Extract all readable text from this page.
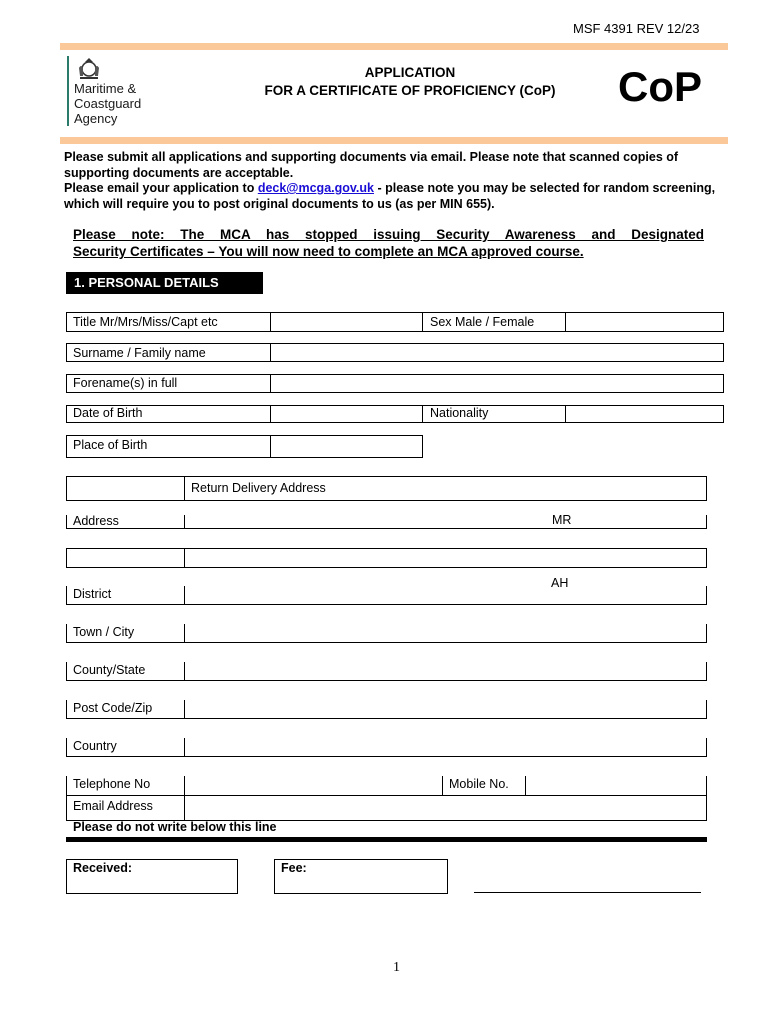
MSF 4391 REV 12/23
Maritime &
Coastguard
Agency
APPLICATION
FOR A CERTIFICATE OF PROFICIENCY (CoP)	CoP
Please submit all applications and supporting documents via email. Please note that scanned copies of supporting documents are acceptable.
Please email your application to deck@mcga.gov.uk - please note you may be selected for random screening, which will require you to post original documents to us (as per MIN 655).
Please note: The MCA has stopped issuing Security Awareness and Designated
Security Certificates – You will now need to complete an MCA approved course.
1. PERSONAL DETAILS
Title Mr/Mrs/Miss/Capt etc	Sex Male / Female
Surname / Family name
Forename(s) in full
Date of Birth	Nationality
Place of Birth
Return Delivery Address
Address	MR
District
AH
Town / City
County/State
Post Code/Zip
Country
Telephone No	Mobile No.
Email Address
Please do not write below this line
Received:	Fee:
1
